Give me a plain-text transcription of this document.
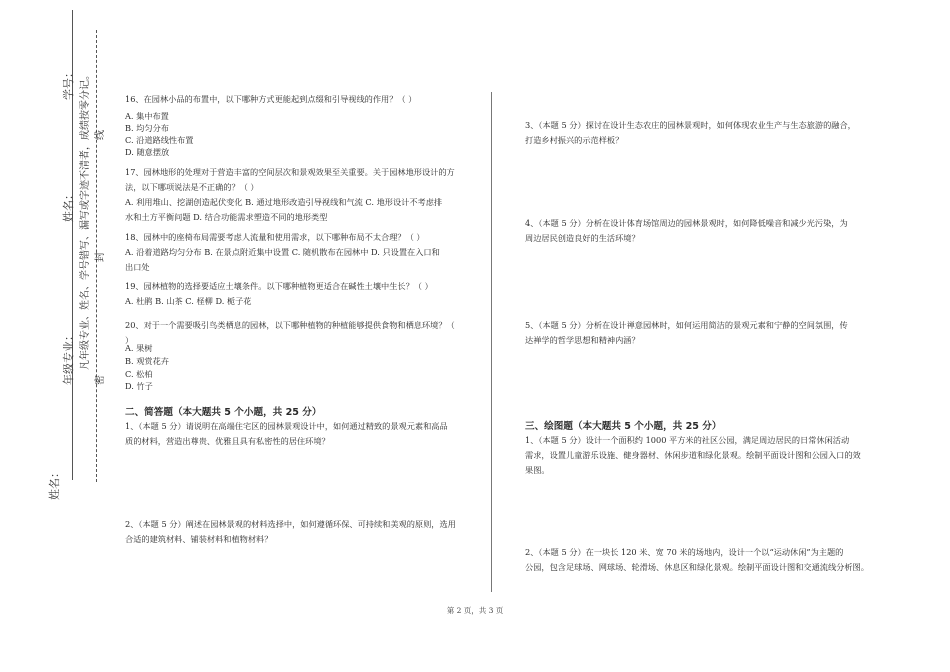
学号：
姓名：
年级专业：
姓名：
凡年级专业、姓名、学号错写、漏写或字迹不清者，成绩按零分记。
密
封
线
16、在园林小品的布置中，以下哪种方式更能起到点缀和引导视线的作用？（ ）
A. 集中布置
B. 均匀分布
C. 沿道路线性布置
D. 随意摆放
17、园林地形的处理对于营造丰富的空间层次和景观效果至关重要。关于园林地形设计的方
法，以下哪项说法是不正确的？（ ）
A. 利用堆山、挖湖创造起伏变化 B. 通过地形改造引导视线和气流 C. 地形设计不考虑排
水和土方平衡问题 D. 结合功能需求塑造不同的地形类型
18、园林中的座椅布局需要考虑人流量和使用需求，以下哪种布局不太合理？（ ）
A. 沿着道路均匀分布 B. 在景点附近集中设置 C. 随机散布在园林中 D. 只设置在入口和
出口处
19、园林植物的选择要适应土壤条件。以下哪种植物更适合在碱性土壤中生长？（ ）
A. 杜鹃 B. 山茶 C. 柽柳 D. 栀子花
20、对于一个需要吸引鸟类栖息的园林，以下哪种植物的种植能够提供食物和栖息环境？（
）
A. 果树
B. 观赏花卉
C. 松柏
D. 竹子
二、简答题（本大题共 5 个小题，共 25 分）
1、（本题 5 分）请说明在高端住宅区的园林景观设计中，如何通过精致的景观元素和高品
质的材料，营造出尊贵、优雅且具有私密性的居住环境？
2、（本题 5 分）阐述在园林景观的材料选择中，如何遵循环保、可持续和美观的原则，选用
合适的建筑材料、铺装材料和植物材料？
3、（本题 5 分）探讨在设计生态农庄的园林景观时，如何体现农业生产与生态旅游的融合，
打造乡村振兴的示范样板？
4、（本题 5 分）分析在设计体育场馆周边的园林景观时，如何降低噪音和减少光污染，为
周边居民创造良好的生活环境？
5、（本题 5 分）分析在设计禅意园林时，如何运用简洁的景观元素和宁静的空间氛围，传
达禅学的哲学思想和精神内涵？
三、绘图题（本大题共 5 个小题，共 25 分）
1、（本题 5 分）设计一个面积约 1000 平方米的社区公园，满足周边居民的日常休闲活动
需求，设置儿童游乐设施、健身器材、休闲步道和绿化景观。绘制平面设计图和公园入口的效
果图。
2、（本题 5 分）在一块长 120 米、宽 70 米的场地内，设计一个以“运动休闲”为主题的
公园，包含足球场、网球场、轮滑场、休息区和绿化景观。绘制平面设计图和交通流线分析图。
第 2 页，共 3 页
